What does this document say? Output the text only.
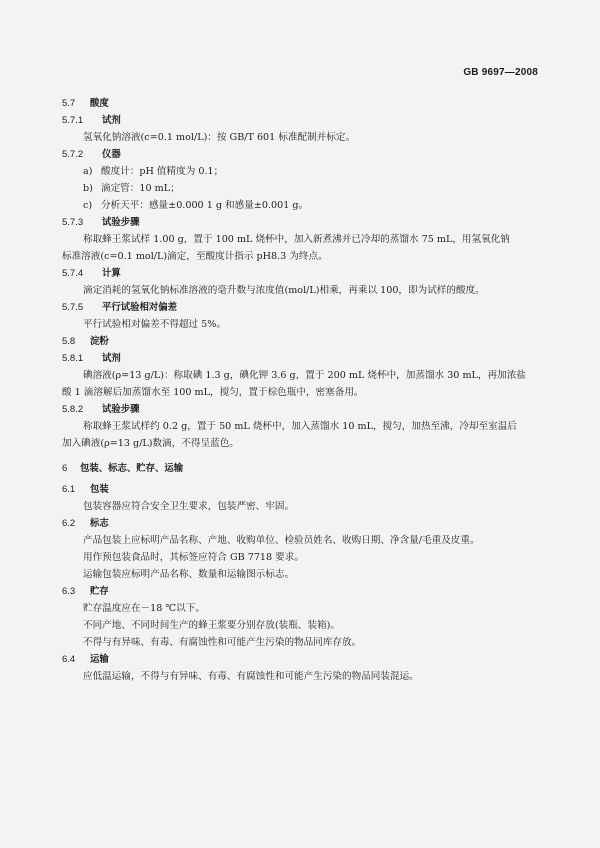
GB 9697—2008
5.7 酸度
5.7.1 试剂
氢氧化钠溶液(c=0.1 mol/L)：按 GB/T 601 标准配制并标定。
5.7.2 仪器
a) 酸度计：pH 值精度为 0.1；
b) 滴定管：10 mL；
c) 分析天平：感量±0.000 1 g 和感量±0.001 g。
5.7.3 试验步骤
称取蜂王浆试样 1.00 g，置于 100 mL 烧杯中，加入新煮沸并已冷却的蒸馏水 75 mL，用氢氧化钠
标准溶液(c=0.1 mol/L)滴定，至酸度计指示 pH8.3 为终点。
5.7.4 计算
滴定消耗的氢氧化钠标准溶液的毫升数与浓度值(mol/L)相乘，再乘以 100，即为试样的酸度。
5.7.5 平行试验相对偏差
平行试验相对偏差不得超过 5%。
5.8 淀粉
5.8.1 试剂
碘溶液(ρ=13 g/L)：称取碘 1.3 g，碘化钾 3.6 g，置于 200 mL 烧杯中，加蒸馏水 30 mL，再加浓盐
酸 1 滴溶解后加蒸馏水至 100 mL，搅匀，置于棕色瓶中，密塞备用。
5.8.2 试验步骤
称取蜂王浆试样约 0.2 g，置于 50 mL 烧杯中，加入蒸馏水 10 mL，搅匀，加热至沸，冷却至室温后
加入碘液(ρ=13 g/L)数滴，不得呈蓝色。
6 包装、标志、贮存、运输
6.1 包装
包装容器应符合安全卫生要求，包装严密、牢固。
6.2 标志
产品包装上应标明产品名称、产地、收购单位、检验员姓名、收购日期、净含量/毛重及皮重。
用作预包装食品时，其标签应符合 GB 7718 要求。
运输包装应标明产品名称、数量和运输图示标志。
6.3 贮存
贮存温度应在－18 ℃以下。
不同产地、不同时间生产的蜂王浆要分别存放(装瓶、装箱)。
不得与有异味、有毒、有腐蚀性和可能产生污染的物品同库存放。
6.4 运输
应低温运输，不得与有异味、有毒、有腐蚀性和可能产生污染的物品同装混运。
